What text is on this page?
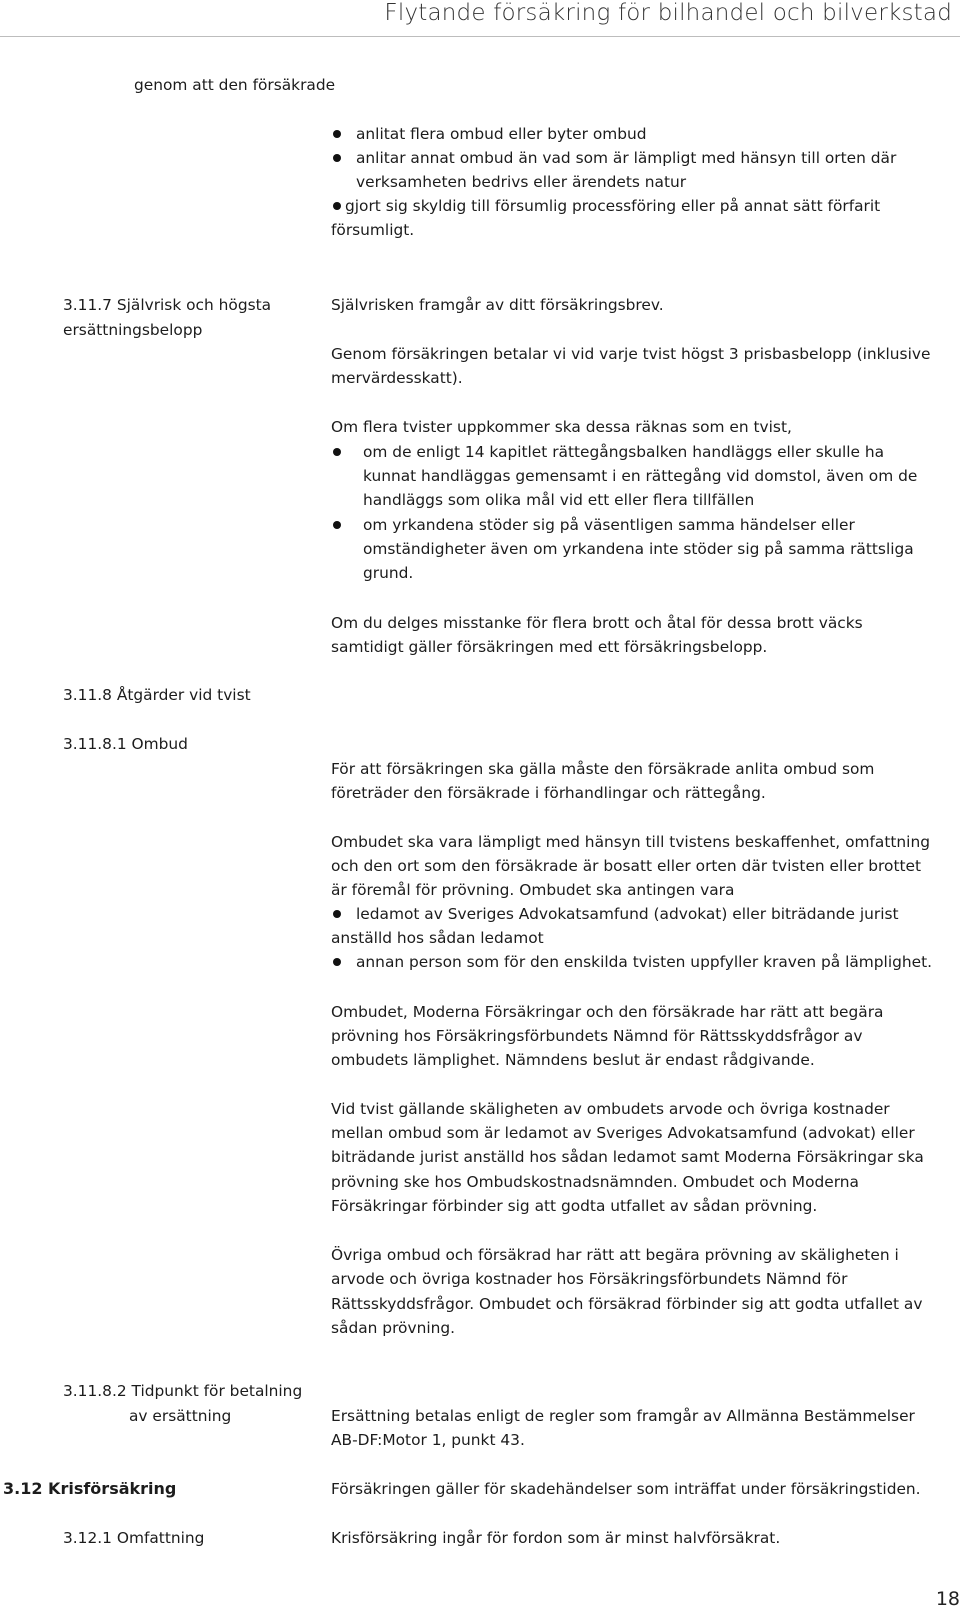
Flytande försäkring för bilhandel och bilverkstad
genom att den försäkrade
anlitat flera ombud eller byter ombud
anlitar annat ombud än vad som är lämpligt med hänsyn till orten där
verksamheten bedrivs eller ärendets natur
gjort sig skyldig till försumlig processföring eller på annat sätt förfarit
försumligt.
3.11.7 Självrisk och högsta
ersättningsbelopp
Självrisken framgår av ditt försäkringsbrev.
Genom försäkringen betalar vi vid varje tvist högst 3 prisbasbelopp (inklusive
mervärdesskatt).
Om flera tvister uppkommer ska dessa räknas som en tvist,
om de enligt 14 kapitlet rättegångsbalken handläggs eller skulle ha
kunnat handläggas gemensamt i en rättegång vid domstol, även om de
handläggs som olika mål vid ett eller flera tillfällen
om yrkandena stöder sig på väsentligen samma händelser eller
omständigheter även om yrkandena inte stöder sig på samma rättsliga
grund.
Om du delges misstanke för flera brott och åtal för dessa brott väcks
samtidigt gäller försäkringen med ett försäkringsbelopp.
3.11.8 Åtgärder vid tvist
3.11.8.1 Ombud
För att försäkringen ska gälla måste den försäkrade anlita ombud som
företräder den försäkrade i förhandlingar och rättegång.
Ombudet ska vara lämpligt med hänsyn till tvistens beskaffenhet, omfattning
och den ort som den försäkrade är bosatt eller orten där tvisten eller brottet
är föremål för prövning. Ombudet ska antingen vara
ledamot av Sveriges Advokatsamfund (advokat) eller biträdande jurist
anställd hos sådan ledamot
annan person som för den enskilda tvisten uppfyller kraven på lämplighet.
Ombudet, Moderna Försäkringar och den försäkrade har rätt att begära
prövning hos Försäkringsförbundets Nämnd för Rättsskyddsfrågor av
ombudets lämplighet. Nämndens beslut är endast rådgivande.
Vid tvist gällande skäligheten av ombudets arvode och övriga kostnader
mellan ombud som är ledamot av Sveriges Advokatsamfund (advokat) eller
biträdande jurist anställd hos sådan ledamot samt Moderna Försäkringar ska
prövning ske hos Ombudskostnadsnämnden. Ombudet och Moderna
Försäkringar förbinder sig att godta utfallet av sådan prövning.
Övriga ombud och försäkrad har rätt att begära prövning av skäligheten i
arvode och övriga kostnader hos Försäkringsförbundets Nämnd för
Rättsskyddsfrågor. Ombudet och försäkrad förbinder sig att godta utfallet av
sådan prövning.
3.11.8.2 Tidpunkt för betalning
av ersättning	Ersättning betalas enligt de regler som framgår av Allmänna Bestämmelser
AB-DF:Motor 1, punkt 43.
3.12 Krisförsäkring	Försäkringen gäller för skadehändelser som inträffat under försäkringstiden.
3.12.1 Omfattning	Krisförsäkring ingår för fordon som är minst halvförsäkrat.
18
